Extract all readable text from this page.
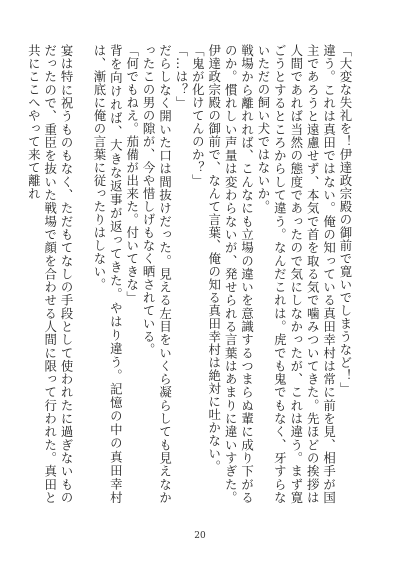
「大変な失礼を！伊達政宗殿の御前で寛いでしまうなど！」

違う。これは真田ではない。俺の知っている真田幸村は常に前を見、相手が国主であろうと遠慮せず、本気で首を取る気で噛みついてきた。先ほどの挨拶は人間であれば当然の態度であったので気にしなかったが、これは違う。まず寛ごうとするところからして違う。なんだこれは。虎でも鬼でもなく、牙すらないただの飼い犬ではないか。

戦場から離れれば、こんなにも立場の違いを意識するつまらぬ輩に成り下がるのか。慣れしい声量は変わらないが、発せられる言葉はあまりに違いすぎた。伊達政宗殿の御前で、なんて言葉、俺の知る真田幸村は絶対に吐かない。

「鬼が化けてんのか？」

「…は？」

だらしなく開いた口は間抜けだった。見える左目をいくら凝らしても見えなかったこの男の隙が、今や惜しげもなく晒されている。

「何でもねえ。茄備が出来た。付いてきな」

背を向ければ、大きな返事が返ってきた。やはり違う。記憶の中の真田幸村は、漸底に俺の言葉に従ったりはしない。

宴は特に祝うものもなく、ただもてなしの手段として使われたに過ぎないものだったので、重臣を抜いた戦場で顔を合わせる人間に限って行われた。真田と共にここへやって来て離れ

20
